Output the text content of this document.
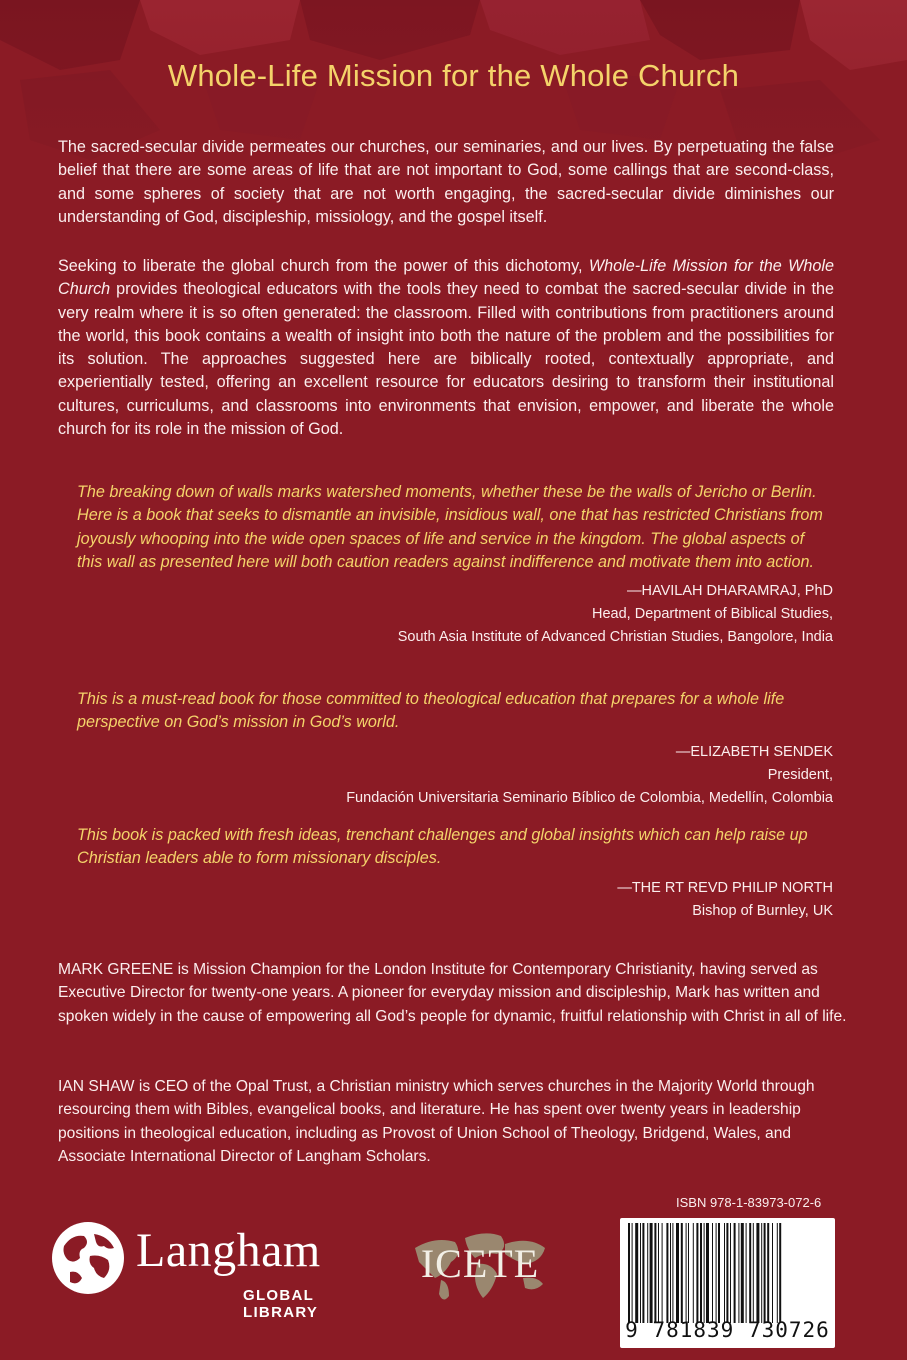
Whole-Life Mission for the Whole Church
The sacred-secular divide permeates our churches, our seminaries, and our lives. By perpetuating the false belief that there are some areas of life that are not important to God, some callings that are second-class, and some spheres of society that are not worth engaging, the sacred-secular divide diminishes our understanding of God, discipleship, missiology, and the gospel itself.
Seeking to liberate the global church from the power of this dichotomy, Whole-Life Mission for the Whole Church provides theological educators with the tools they need to combat the sacred-secular divide in the very realm where it is so often generated: the classroom. Filled with contributions from practitioners around the world, this book contains a wealth of insight into both the nature of the problem and the possibilities for its solution. The approaches suggested here are biblically rooted, contextually appropriate, and experientially tested, offering an excellent resource for educators desiring to transform their institutional cultures, curriculums, and classrooms into environments that envision, empower, and liberate the whole church for its role in the mission of God.
The breaking down of walls marks watershed moments, whether these be the walls of Jericho or Berlin. Here is a book that seeks to dismantle an invisible, insidious wall, one that has restricted Christians from joyously whooping into the wide open spaces of life and service in the kingdom. The global aspects of this wall as presented here will both caution readers against indifference and motivate them into action.
—HAVILAH DHARAMRAJ, PhD
Head, Department of Biblical Studies,
South Asia Institute of Advanced Christian Studies, Bangolore, India
This is a must-read book for those committed to theological education that prepares for a whole life perspective on God’s mission in God’s world.
—ELIZABETH SENDEK
President,
Fundación Universitaria Seminario Bíblico de Colombia, Medellín, Colombia
This book is packed with fresh ideas, trenchant challenges and global insights which can help raise up Christian leaders able to form missionary disciples.
—THE RT REVD PHILIP NORTH
Bishop of Burnley, UK
MARK GREENE is Mission Champion for the London Institute for Contemporary Christianity, having served as Executive Director for twenty-one years. A pioneer for everyday mission and discipleship, Mark has written and spoken widely in the cause of empowering all God’s people for dynamic, fruitful relationship with Christ in all of life.
IAN SHAW is CEO of the Opal Trust, a Christian ministry which serves churches in the Majority World through resourcing them with Bibles, evangelical books, and literature. He has spent over twenty years in leadership positions in theological education, including as Provost of Union School of Theology, Bridgend, Wales, and Associate International Director of Langham Scholars.
Langham
GLOBAL LIBRARY
ICETE
ISBN 978-1-83973-072-6
9 781839 730726
